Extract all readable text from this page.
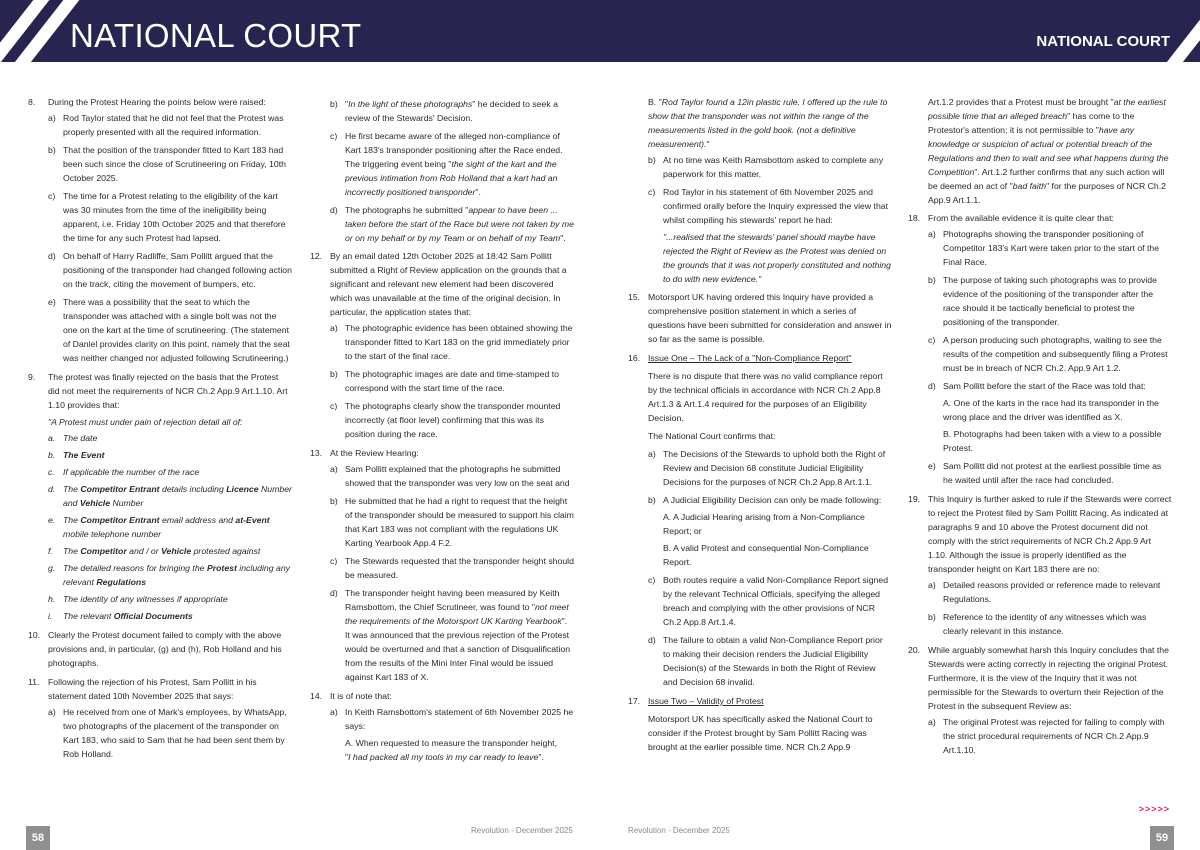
NATIONAL COURT	NATIONAL COURT
8. During the Protest Hearing the points below were raised:

a) Rod Taylor stated that he did not feel that the Protest was properly presented with all the required information.

b) That the position of the transponder fitted to Kart 183 had been such since the close of Scrutineering on Friday, 10th October 2025.

c) The time for a Protest relating to the eligibility of the kart was 30 minutes from the time of the ineligibility being apparent, i.e. Friday 10th October 2025 and that therefore the time for any such Protest had lapsed.

d) On behalf of Harry Radliffe, Sam Pollitt argued that the positioning of the transponder had changed following action on the track, citing the movement of bumpers, etc.

e) There was a possibility that the seat to which the transponder was attached with a single bolt was not the one on the kart at the time of scrutineering. (The statement of Daniel provides clarity on this point, namely that the seat was neither changed nor adjusted following Scrutineering.)

9. The protest was finally rejected on the basis that the Protest did not meet the requirements of NCR Ch.2 App.9 Art.1.10. Art 1.10 provides that:

"A Protest must under pain of rejection detail all of:

a. The date

b. The Event

c. If applicable the number of the race

d. The Competitor Entrant details including Licence Number and Vehicle Number

e. The Competitor Entrant email address and at-Event mobile telephone number

f. The Competitor and / or Vehicle protested against

g. The detailed reasons for bringing the Protest including any relevant Regulations

h. The identity of any witnesses if appropriate

i. The relevant Official Documents

10. Clearly the Protest document failed to comply with the above provisions and, in particular, (g) and (h), Rob Holland and his photographs.

11. Following the rejection of his Protest, Sam Pollitt in his statement dated 10th November 2025 that says:

a) He received from one of Mark's employees, by WhatsApp, two photographs of the placement of the transponder on Kart 183, who said to Sam that he had been sent them by Rob Holland.

b) "In the light of these photographs" he decided to seek a review of the Stewards' Decision.

c) He first became aware of the alleged non-compliance of Kart 183's transponder positioning after the Race ended. The triggering event being "the sight of the kart and the previous intimation from Rob Holland that a kart had an incorrectly positioned transponder".

d) The photographs he submitted "appear to have been ... taken before the start of the Race but were not taken by me or on my behalf or by my Team or on behalf of my Team".

12. By an email dated 12th October 2025 at 18:42 Sam Pollitt submitted a Right of Review application on the grounds that a significant and relevant new element had been discovered which was unavailable at the time of the original decision. In particular, the application states that:

a) The photographic evidence has been obtained showing the transponder fitted to Kart 183 on the grid immediately prior to the start of the final race.

b) The photographic images are date and time-stamped to correspond with the start time of the race.

c) The photographs clearly show the transponder mounted incorrectly (at floor level) confirming that this was its position during the race.

13. At the Review Hearing:

a) Sam Pollitt explained that the photographs he submitted showed that the transponder was very low on the seat and

b) He submitted that he had a right to request that the height of the transponder should be measured to support his claim that Kart 183 was not compliant with the regulations UK Karting Yearbook App.4 F.2.

c) The Stewards requested that the transponder height should be measured.

d) The transponder height having been measured by Keith Ramsbottom, the Chief Scrutineer, was found to "not meet the requirements of the Motorsport UK Karting Yearbook". It was announced that the previous rejection of the Protest would be overturned and that a sanction of Disqualification from the results of the Mini Inter Final would be issued against Kart 183 of X.

14. It is of note that:

a) In Keith Ramsbottom's statement of 6th November 2025 he says:

A. When requested to measure the transponder height,

"I had packed all my tools in my car ready to leave".

B. "Rod Taylor found a 12in plastic rule. I offered up the rule to show that the transponder was not within the range of the measurements listed in the gold book. (not a definitive measurement)."

b) At no time was Keith Ramsbottom asked to complete any paperwork for this matter.

c) Rod Taylor in his statement of 6th November 2025 and confirmed orally before the Inquiry expressed the view that whilst compiling his stewards' report he had:

"...realised that the stewards' panel should maybe have rejected the Right of Review as the Protest was denied on the grounds that it was not properly constituted and nothing to do with new evidence."

15. Motorsport UK having ordered this Inquiry have provided a comprehensive position statement in which a series of questions have been submitted for consideration and answer in so far as the same is possible.

16. Issue One – The Lack of a "Non-Compliance Report"

There is no dispute that there was no valid compliance report by the technical officials in accordance with NCR Ch.2 App.8 Art.1.3 & Art.1.4 required for the purposes of an Eligibility Decision.

The National Court confirms that:

a) The Decisions of the Stewards to uphold both the Right of Review and Decision 68 constitute Judicial Eligibility Decisions for the purposes of NCR Ch.2 App.8 Art.1.1.

b) A Judicial Eligibility Decision can only be made following:

A. A Judicial Hearing arising from a Non-Compliance Report; or

B. A valid Protest and consequential Non-Compliance Report.

c) Both routes require a valid Non-Compliance Report signed by the relevant Technical Officials, specifying the alleged breach and complying with the other provisions of NCR Ch.2 App.8 Art.1.4.

d) The failure to obtain a valid Non-Compliance Report prior to making their decision renders the Judicial Eligibility Decision(s) of the Stewards in both the Right of Review and Decision 68 invalid.

17. Issue Two – Validity of Protest

Motorsport UK has specifically asked the National Court to consider if the Protest brought by Sam Pollitt Racing was brought at the earlier possible time. NCR Ch.2 App.9

Art.1.2 provides that a Protest must be brought "at the earliest possible time that an alleged breach" has come to the Protestor's attention; it is not permissible to "have any knowledge or suspicion of actual or potential breach of the Regulations and then to wait and see what happens during the Competition". Art.1.2 further confirms that any such action will be deemed an act of "bad faith" for the purposes of NCR Ch.2 App.9 Art.1.1.

18. From the available evidence it is quite clear that:

a) Photographs showing the transponder positioning of Competitor 183's Kart were taken prior to the start of the Final Race.

b) The purpose of taking such photographs was to provide evidence of the positioning of the transponder after the race should it be tactically beneficial to protest the positioning of the transponder.

c) A person producing such photographs, waiting to see the results of the competition and subsequently filing a Protest must be in breach of NCR Ch.2. App.9 Art 1.2.

d) Sam Pollitt before the start of the Race was told that:

A. One of the karts in the race had its transponder in the wrong place and the driver was identified as X.

B. Photographs had been taken with a view to a possible Protest.

e) Sam Pollitt did not protest at the earliest possible time as he waited until after the race had concluded.

19. This Inquiry is further asked to rule if the Stewards were correct to reject the Protest filed by Sam Pollitt Racing. As indicated at paragraphs 9 and 10 above the Protest document did not comply with the strict requirements of NCR Ch.2 App.9 Art 1.10. Although the issue is properly identified as the transponder height on Kart 183 there are no:

a) Detailed reasons provided or reference made to relevant Regulations.

b) Reference to the identity of any witnesses which was clearly relevant in this instance.

20. While arguably somewhat harsh this Inquiry concludes that the Stewards were acting correctly in rejecting the original Protest. Furthermore, it is the view of the Inquiry that it was not permissible for the Stewards to overturn their Rejection of the Protest in the subsequent Review as:

a) The original Protest was rejected for failing to comply with the strict procedural requirements of NCR Ch.2 App.9 Art.1.10.

>>>>>
58	59
Revolution - December 2025	Revolution - December 2025
